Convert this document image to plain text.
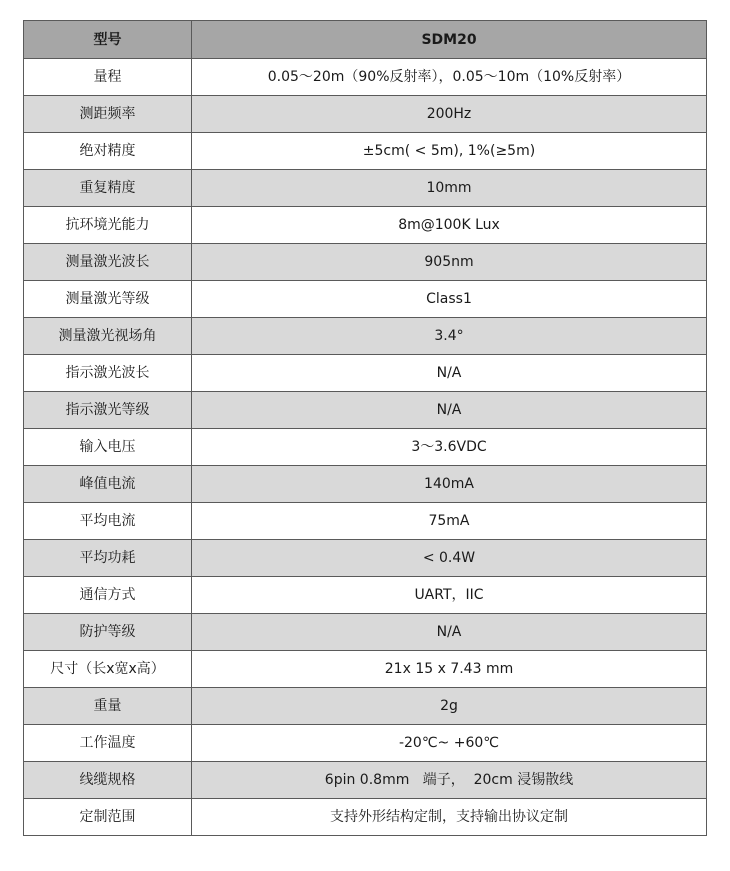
型号	SDM20
量程	0.05～20m（90%反射率），0.05～10m（10%反射率）
测距频率	200Hz
绝对精度	±5cm( < 5m), 1%(≥5m)
重复精度	10mm
抗环境光能力	8m@100K Lux
测量激光波长	905nm
测量激光等级	Class1
测量激光视场角	3.4°
指示激光波长	N/A
指示激光等级	N/A
输入电压	3～3.6VDC
峰值电流	140mA
平均电流	75mA
平均功耗	< 0.4W
通信方式	UART，IIC
防护等级	N/A
尺寸（长x宽x高）	21x 15 x 7.43 mm
重量	2g
工作温度	-20℃~ +60℃
线缆规格	6pin 0.8mm   端子，  20cm 浸锡散线
定制范围	支持外形结构定制，支持输出协议定制
